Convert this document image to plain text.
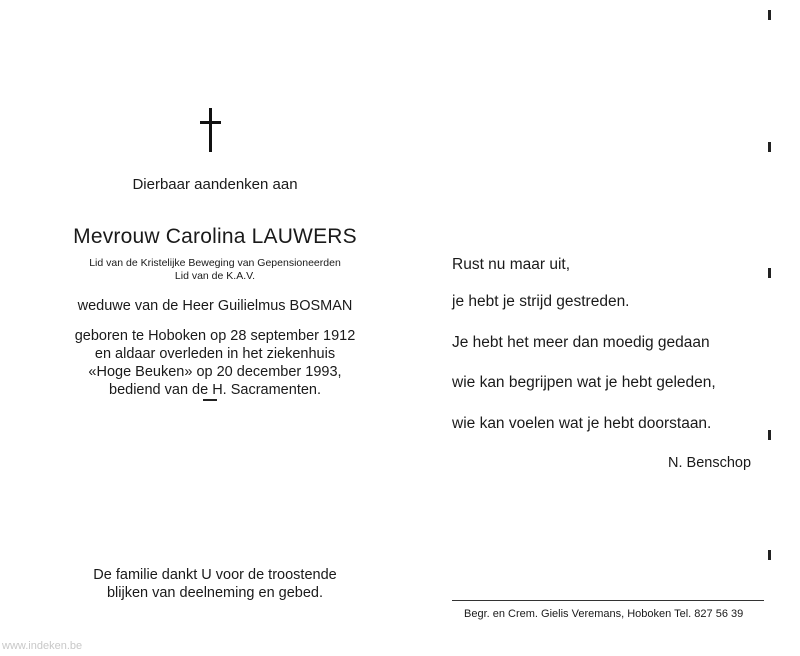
Dierbaar aandenken aan
Mevrouw Carolina LAUWERS
Lid van de Kristelijke Beweging van Gepensioneerden
Lid van de K.A.V.
weduwe van de Heer Guilielmus BOSMAN
geboren te Hoboken op 28 september 1912
en aldaar overleden in het ziekenhuis
«Hoge Beuken» op 20 december 1993,
bediend van de H. Sacramenten.
De familie dankt U voor de troostende
blijken van deelneming en gebed.
Rust nu maar uit,
je hebt je strijd gestreden.
Je hebt het meer dan moedig gedaan
wie kan begrijpen wat je hebt geleden,
wie kan voelen wat je hebt doorstaan.
N. Benschop
Begr. en Crem. Gielis Veremans, Hoboken Tel. 827 56 39
www.indeken.be
